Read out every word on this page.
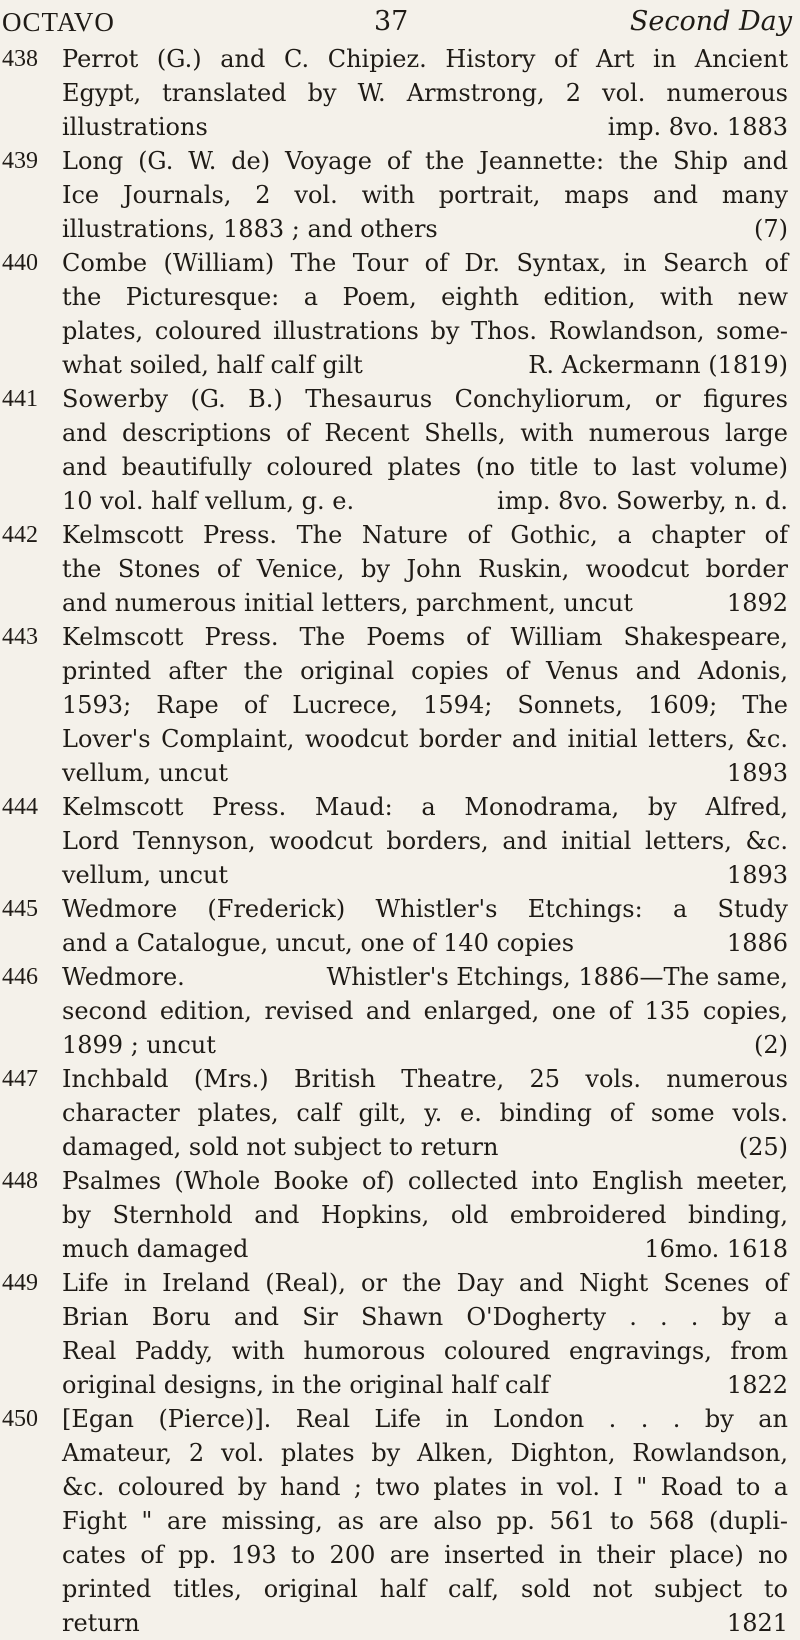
OCTAVO	37	Second Day
438 Perrot (G.) and C. Chipiez. History of Art in Ancient
Egypt, translated by W. Armstrong, 2 vol. numerous
illustrations	imp. 8vo. 1883
439 Long (G. W. de) Voyage of the Jeannette: the Ship and
Ice Journals, 2 vol. with portrait, maps and many
illustrations, 1883 ; and others	(7)
440 Combe (William) The Tour of Dr. Syntax, in Search of
the Picturesque: a Poem, eighth edition, with new
plates, coloured illustrations by Thos. Rowlandson, some-
what soiled, half calf gilt	R. Ackermann (1819)
441 Sowerby (G. B.) Thesaurus Conchyliorum, or figures
and descriptions of Recent Shells, with numerous large
and beautifully coloured plates (no title to last volume)
10 vol. half vellum, g. e.	imp. 8vo. Sowerby, n. d.
442 Kelmscott Press. The Nature of Gothic, a chapter of
the Stones of Venice, by John Ruskin, woodcut border
and numerous initial letters, parchment, uncut	1892
443 Kelmscott Press. The Poems of William Shakespeare,
printed after the original copies of Venus and Adonis,
1593; Rape of Lucrece, 1594; Sonnets, 1609; The
Lover's Complaint, woodcut border and initial letters, &c.
vellum, uncut	1893
444 Kelmscott Press. Maud: a Monodrama, by Alfred,
Lord Tennyson, woodcut borders, and initial letters, &c.
vellum, uncut	1893
445 Wedmore (Frederick) Whistler's Etchings: a Study
and a Catalogue, uncut, one of 140 copies	1886
446 Wedmore.	Whistler's Etchings, 1886—The same,
second edition, revised and enlarged, one of 135 copies,
1899 ; uncut	(2)
447 Inchbald (Mrs.) British Theatre, 25 vols. numerous
character plates, calf gilt, y. e. binding of some vols.
damaged, sold not subject to return	(25)
448 Psalmes (Whole Booke of) collected into English meeter,
by Sternhold and Hopkins, old embroidered binding,
much damaged	16mo. 1618
449 Life in Ireland (Real), or the Day and Night Scenes of
Brian Boru and Sir Shawn O'Dogherty . . . by a
Real Paddy, with humorous coloured engravings, from
original designs, in the original half calf	1822
450 [Egan (Pierce)]. Real Life in London . . . by an
Amateur, 2 vol. plates by Alken, Dighton, Rowlandson,
&c. coloured by hand ; two plates in vol. I " Road to a
Fight " are missing, as are also pp. 561 to 568 (dupli-
cates of pp. 193 to 200 are inserted in their place) no
printed titles, original half calf, sold not subject to
return	1821
